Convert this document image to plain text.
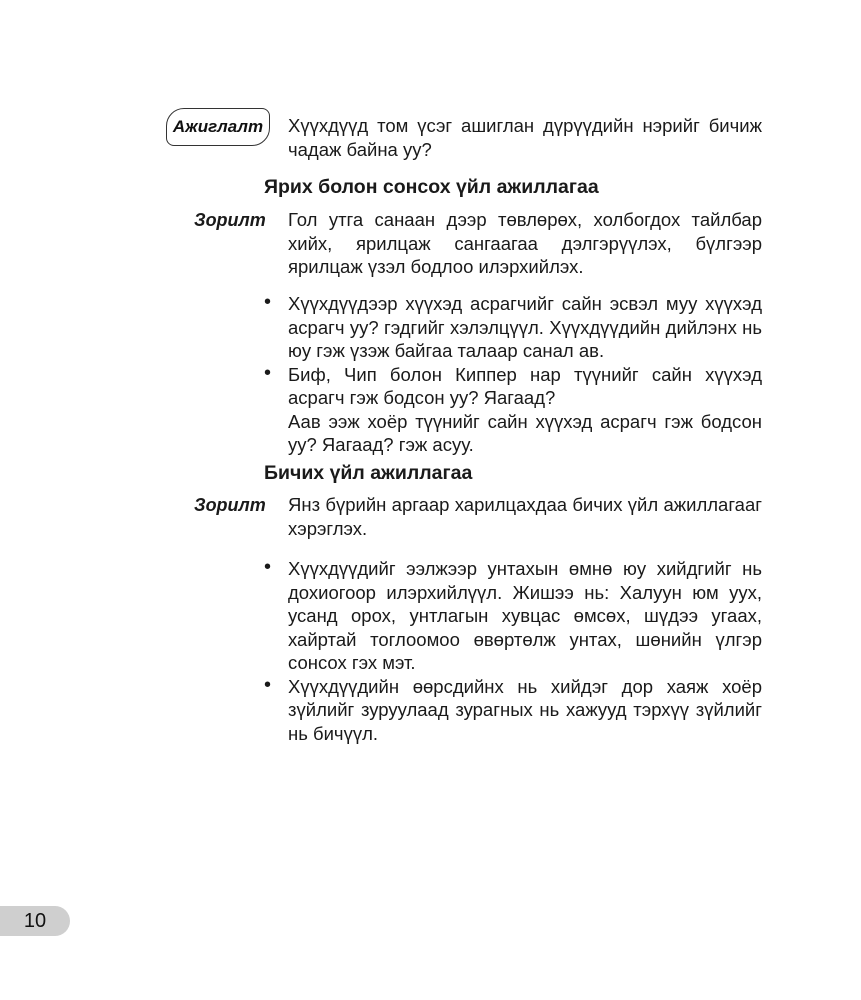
Ажиглалт Хүүхдүүд том үсэг ашиглан дүрүүдийн нэрийг бичиж чадаж байна уу?
Ярих болон сонсох үйл ажиллагаа
Зорилт Гол утга санаан дээр төвлөрөх, холбогдох тайлбар хийх, ярилцаж сангаагаа дэлгэрүүлэх, бүлгээр ярилцаж үзэл бодлоо илэрхийлэх.
• Хүүхдүүдээр хүүхэд асрагчийг сайн эсвэл муу хүүхэд асрагч уу? гэдгийг хэлэлцүүл. Хүүхдүүдийн дийлэнх нь юу гэж үзэж байгаа талаар санал ав.
• Биф, Чип болон Киппер нар түүнийг сайн хүүхэд асрагч гэж бодсон уу? Яагаад?
Аав ээж хоёр түүнийг сайн хүүхэд асрагч гэж бодсон уу? Яагаад? гэж асуу.
Бичих үйл ажиллагаа
Зорилт Янз бүрийн аргаар харилцахдаа бичих үйл ажиллагааг хэрэглэх.
• Хүүхдүүдийг ээлжээр унтахын өмнө юу хийдгийг нь дохиогоор илэрхийлүүл. Жишээ нь: Халуун юм уух, усанд орох, унтлагын хувцас өмсөх, шүдээ угаах, хайртай тоглоомоо өвөртөлж унтах, шөнийн үлгэр сонсох гэх мэт.
• Хүүхдүүдийн өөрсдийнх нь хийдэг дор хаяж хоёр зүйлийг зуруулаад зурагных нь хажууд тэрхүү зүйлийг нь бичүүл.
10
